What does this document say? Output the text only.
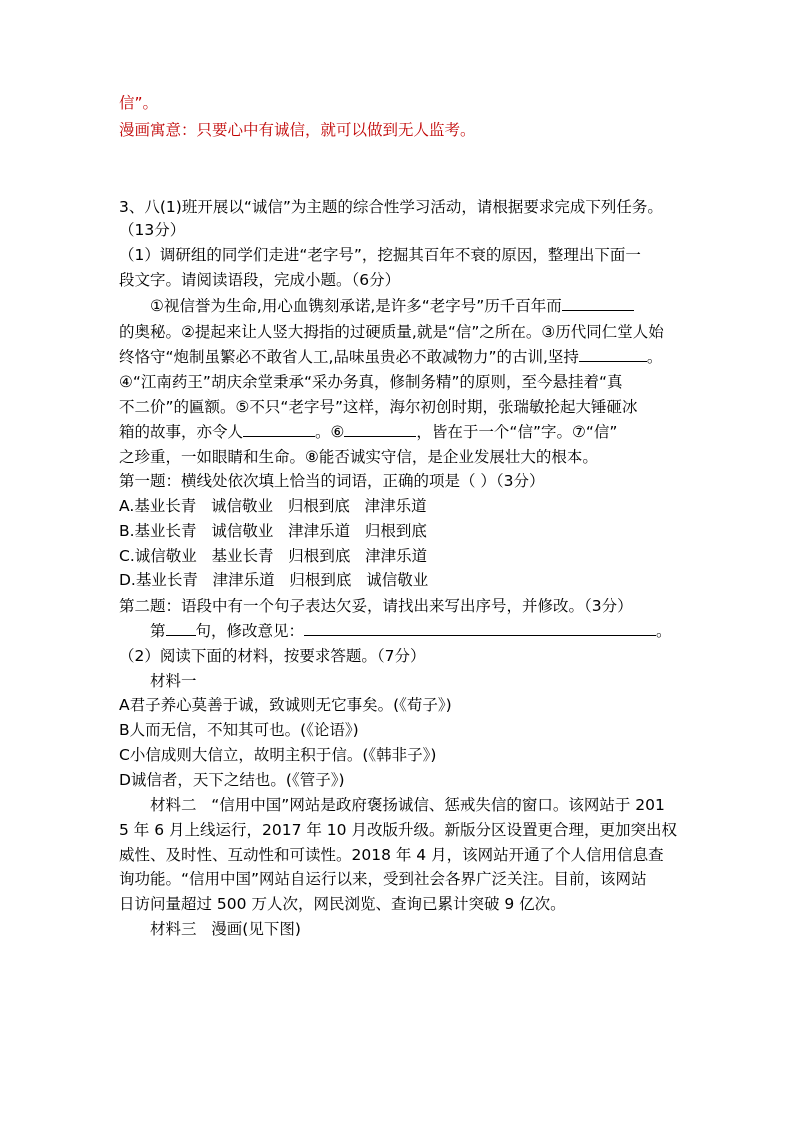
信”。
漫画寓意：只要心中有诚信，就可以做到无人监考。
3、八(1)班开展以“诚信”为主题的综合性学习活动，请根据要求完成下列任务。
（13分）
（1）调研组的同学们走进“老字号”，挖掘其百年不衰的原因，整理出下面一
段文字。请阅读语段，完成小题。（6分）
①视信誉为生命,用心血镌刻承诺,是许多“老字号”历千百年而
的奥秘。②提起来让人竖大拇指的过硬质量,就是“信”之所在。③历代同仁堂人始
终恪守“炮制虽繁必不敢省人工,品味虽贵必不敢减物力”的古训,坚持	。
④“江南药王”胡庆余堂秉承“采办务真，修制务精”的原则，至今悬挂着“真
不二价”的匾额。⑤不只“老字号”这样，海尔初创时期，张瑞敏抡起大锤砸冰
箱的故事，亦令人	。⑥	，皆在于一个“信”字。⑦“信”
之珍重，一如眼睛和生命。⑧能否诚实守信，是企业发展壮大的根本。
第一题：横线处依次填上恰当的词语，正确的项是（ ）（3分）
A.基业长青   诚信敬业   归根到底   津津乐道
B.基业长青   诚信敬业   津津乐道   归根到底
C.诚信敬业   基业长青   归根到底   津津乐道
D.基业长青   津津乐道   归根到底   诚信敬业
第二题：语段中有一个句子表达欠妥，请找出来写出序号，并修改。（3分）
第 句，修改意见：	。
（2）阅读下面的材料，按要求答题。（7分）
材料一
A君子养心莫善于诚，致诚则无它事矣。(《荀子》)
B人而无信，不知其可也。(《论语》)
C小信成则大信立，故明主积于信。(《韩非子》)
D诚信者，天下之结也。(《管子》)
材料二   “信用中国”网站是政府褒扬诚信、惩戒失信的窗口。该网站于 201
5 年 6 月上线运行，2017 年 10 月改版升级。新版分区设置更合理，更加突出权
威性、及时性、互动性和可读性。2018 年 4 月，该网站开通了个人信用信息查
询功能。“信用中国”网站自运行以来，受到社会各界广泛关注。目前，该网站
日访问量超过 500 万人次，网民浏览、查询已累计突破 9 亿次。
材料三   漫画(见下图)
